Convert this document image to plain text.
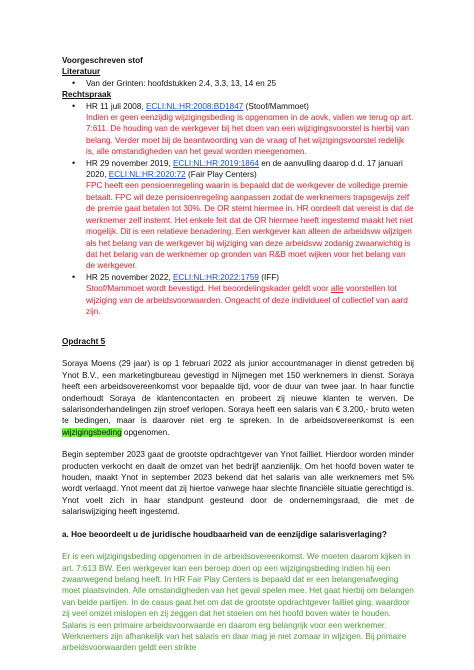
Voorgeschreven stof

Literatuur

• Van der Grinten: hoofdstukken 2.4, 3.3, 13, 14 en 25

Rechtspraak

• HR 11 juli 2008, ECLI:NL:HR:2008:BD1847 (Stoof/Mammoet)
Indien er geen eenzijdig wijzigingsbeding is opgenomen in de aovk, vallen we terug op art. 7:611. De houding van de werkgever bij het doen van een wijzigingsvoorstel is hierbij van belang. Verder moet bij de beantwoording van de vraag of het wijzigingsvoorstel redelijk is, alle omstandigheden van het geval worden meegenomen.
• HR 29 november 2019, ECLI:NL:HR:2019:1864 en de aanvulling daarop d.d. 17 januari 2020, ECLI:NL:HR:2020:72 (Fair Play Centers)
FPC heeft een pensioenregeling waarin is bepaald dat de werkgever de volledige premie betaalt. FPC wil deze pensioenregeling aanpassen zodat de werknemers trapsgewijs zelf de premie gaat betalen tot 30%. De OR stemt hiermee in. HR oordeelt dat vereist is dat de werknemer zelf instemt. Het enkele feit dat de OR hiermee heeft ingestemd maakt het niet mogelijk. Dit is een relatieve benadering. Een werkgever kan alleen de arbeidsvw wijzigen als het belang van de werkgever bij wijziging van deze arbeidsvw zodanig zwaarwichtig is dat het belang van de werknemer op gronden van R&B moet wijken voor het belang van de werkgever.
• HR 25 november 2022, ECLI:NL:HR:2022:1759 (IFF)
Stoof/Mammoet wordt bevestigd. Het beoordelingskader geldt voor alle voorstellen tot wijziging van de arbeidsvoorwaarden. Ongeacht of deze individueel of collectief van aard zijn.

Opdracht 5

Soraya Moens (29 jaar) is op 1 februari 2022 als junior accountmanager in dienst getreden bij Ynot B.V., een marketingbureau gevestigd in Nijmegen met 150 werknemers in dienst. Soraya heeft een arbeidsovereenkomst voor bepaalde tijd, voor de duur van twee jaar. In haar functie onderhoudt Soraya de klantencontacten en probeert zij nieuwe klanten te werven. De salarisonderhandelingen zijn stroef verlopen. Soraya heeft een salaris van € 3.200,- bruto weten te bedingen, maar is daarover niet erg te spreken. In de arbeidsovereenkomst is een wijzigingsbeding opgenomen.

Begin september 2023 gaat de grootste opdrachtgever van Ynot failliet. Hierdoor worden minder producten verkocht en daalt de omzet van het bedrijf aanzienlijk. Om het hoofd boven water te houden, maakt Ynot in september 2023 bekend dat het salaris van alle werknemers met 5% wordt verlaagd. Ynot meent dat zij hiertoe vanwege haar slechte financiële situatie gerechtigd is. Ynot voelt zich in haar standpunt gesteund door de ondernemingsraad, die met de salariswijziging heeft ingestemd.

a. Hoe beoordeelt u de juridische houdbaarheid van de eenzijdige salarisverlaging?

Er is een wijzigingsbeding opgenomen in de arbeidsovereenkomst. We moeten daarom kijken in art. 7:613 BW. Een werkgever kan een beroep doen op een wijzigingsbeding indien hij een zwaarwegend belang heeft. In HR Fair Play Centers is bepaald dat er een belangenafweging moet plaatsvinden. Alle omstandigheden van het geval spelen mee. Het gaat hierbij om belangen van beide partijen. In de casus gaat het om dat de grootste opdrachtgever failliet ging, waardoor zij veel omzet mislopen en zij zeggen dat het stoeien om het hoofd boven water te houden. Salaris is een primaire arbeidsvoorwaarde en daarom erg belangrijk voor een werknemer. Werknemers zijn afhankelijk van het salaris en daar mag je niet zomaar in wijzigen. Bij primaire arbeidsvoorwaarden geldt een strikte
